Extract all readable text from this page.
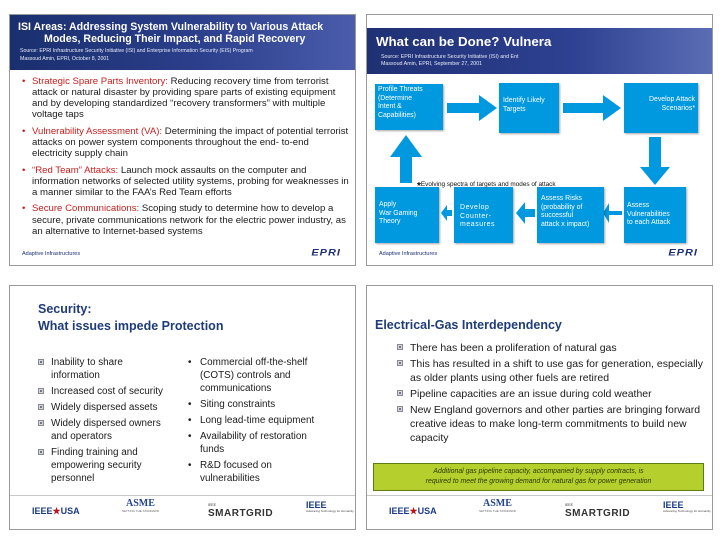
ISI Areas: Addressing System Vulnerability to Various Attack
Modes, Reducing Their Impact, and Rapid Recovery
Source: EPRI Infrastructure Security Initiative (ISI) and Enterprise Information Security (EIS) Program
Massoud Amin, EPRI, October 8, 2001
• Strategic Spare Parts Inventory: Reducing recovery time from terrorist attack or natural disaster by providing spare parts of existing equipment and by developing standardized “recovery transformers” with multiple voltage taps
• Vulnerability Assessment (VA): Determining the impact of potential terrorist attacks on power system components throughout the end- to-end electricity supply chain
• “Red Team” Attacks: Launch mock assaults on the computer and information networks of selected utility systems, probing for weaknesses in a manner similar to the FAA’s Red Team efforts
• Secure Communications: Scoping study to determine how to develop a secure, private communications network for the electric power industry, as an alternative to Internet-based systems
Adaptive Infrastructures	EPRI
What can be Done? Vulnera
Source: EPRI Infrastructure Security Initiative (ISI) and Ent
Massoud Amin, EPRI, September 27, 2001
Profile Threats
(Determine
Intent &
Capabilities)
Identify Likely
Targets
Develop Attack
Scenarios*
Apply
War Gaming
Theory
Develop
Counter-
measures
Assess Risks
(probability of
successful
attack x impact)
Assess
Vulnerabilities
to each Attack
*Evolving spectra of targets and modes of attack
Adaptive Infrastructures	EPRI
Security:
What issues impede Protection
Inability to share information
Increased cost of security
Widely dispersed assets
Widely dispersed owners and operators
Finding training and empowering security personnel
• Commercial off-the-shelf (COTS) controls and communications
• Siting constraints
• Long lead-time equipment
• Availability of restoration funds
• R&D focused on vulnerabilities
IEEE★USA
ASME
SETTING THE STANDARD
IEEE
SMARTGRID
IEEE
Advancing Technology for Humanity
Electrical-Gas Interdependency
There has been a proliferation of natural gas
This has resulted in a shift to use gas for generation, especially as older plants using other fuels are retired
Pipeline capacities are an issue during cold weather
New England governors and other parties are bringing forward creative ideas to make long-term commitments to build new capacity
Additional gas pipeline capacity, accompanied by supply contracts, is
required to meet the growing demand for natural gas for power generation
IEEE★USA
ASME
SETTING THE STANDARD
IEEE
SMARTGRID
IEEE
Advancing Technology for Humanity
